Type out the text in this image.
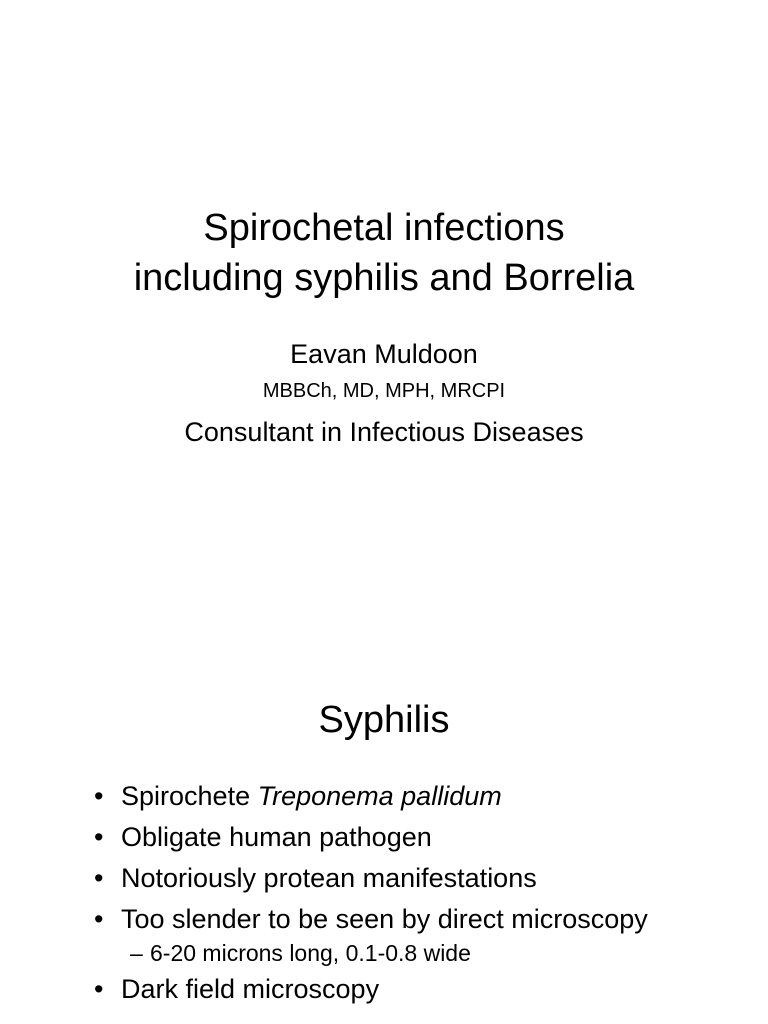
Spirochetal infections
including syphilis and Borrelia
Eavan Muldoon
MBBCh, MD, MPH, MRCPI
Consultant in Infectious Diseases
Syphilis
• Spirochete Treponema pallidum
• Obligate human pathogen
• Notoriously protean manifestations
• Too slender to be seen by direct microscopy
– 6-20 microns long, 0.1-0.8 wide
• Dark field microscopy
